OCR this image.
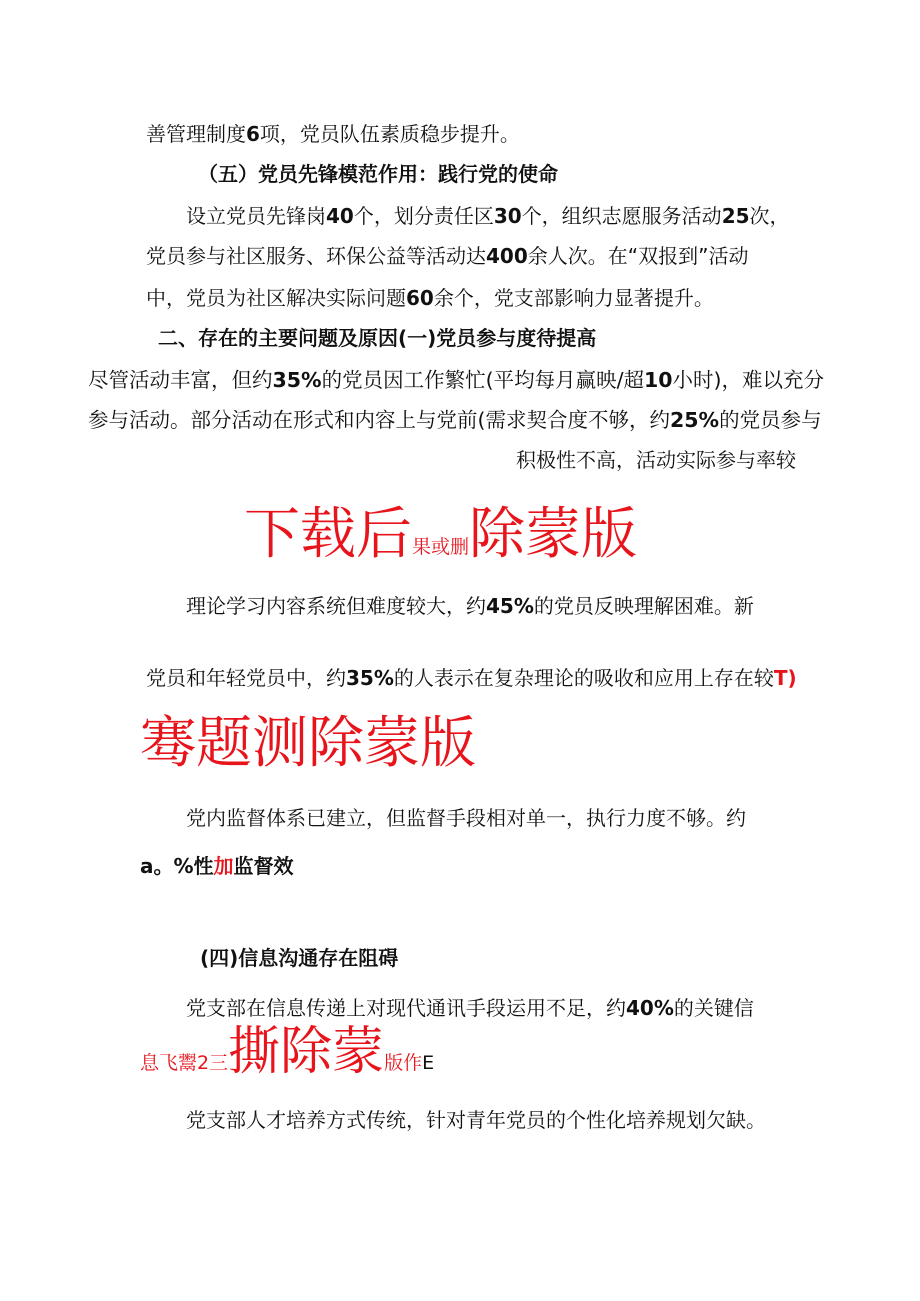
善管理制度6项，党员队伍素质稳步提升。
（五）党员先锋模范作用：践行党的使命
设立党员先锋岗40个，划分责任区30个，组织志愿服务活动25次，
党员参与社区服务、环保公益等活动达400余人次。在“双报到”活动
中，党员为社区解决实际问题60余个，党支部影响力显著提升。
二、存在的主要问题及原因(一)党员参与度待提高
尽管活动丰富，但约35%的党员因工作繁忙(平均每月赢映/超10小时)，难以充分
参与活动。部分活动在形式和内容上与党前(需求契合度不够，约25%的党员参与
积极性不高，活动实际参与率较
下载后果或删除蒙版
理论学习内容系统但难度较大，约45%的党员反映理解困难。新
党员和年轻党员中，约35%的人表示在复杂理论的吸收和应用上存在较T)
骞题测除蒙版
党内监督体系已建立，但监督手段相对单一，执行力度不够。约
a。%性加监督效
(四)信息沟通存在阻碍
党支部在信息传递上对现代通讯手段运用不足，约40%的关键信
息飞鬻2三撕除蒙版作E
党支部人才培养方式传统，针对青年党员的个性化培养规划欠缺。
